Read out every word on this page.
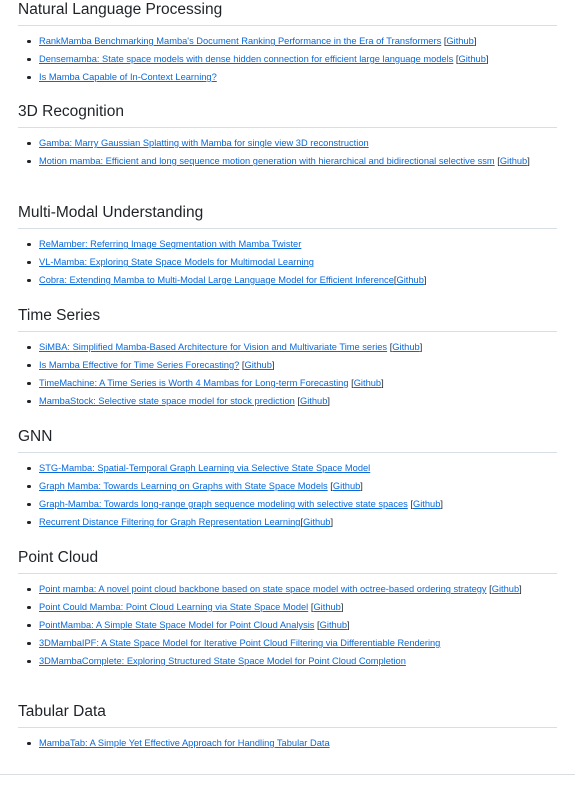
Natural Language Processing
RankMamba Benchmarking Mamba's Document Ranking Performance in the Era of Transformers [Github]
Densemamba: State space models with dense hidden connection for efficient large language models [Github]
Is Mamba Capable of In-Context Learning?
3D Recognition
Gamba: Marry Gaussian Splatting with Mamba for single view 3D reconstruction
Motion mamba: Efficient and long sequence motion generation with hierarchical and bidirectional selective ssm [Github]
Multi-Modal Understanding
ReMamber: Referring Image Segmentation with Mamba Twister
VL-Mamba: Exploring State Space Models for Multimodal Learning
Cobra: Extending Mamba to Multi-Modal Large Language Model for Efficient Inference[Github]
Time Series
SiMBA: Simplified Mamba-Based Architecture for Vision and Multivariate Time series [Github]
Is Mamba Effective for Time Series Forecasting? [Github]
TimeMachine: A Time Series is Worth 4 Mambas for Long-term Forecasting [Github]
MambaStock: Selective state space model for stock prediction [Github]
GNN
STG-Mamba: Spatial-Temporal Graph Learning via Selective State Space Model
Graph Mamba: Towards Learning on Graphs with State Space Models [Github]
Graph-Mamba: Towards long-range graph sequence modeling with selective state spaces [Github]
Recurrent Distance Filtering for Graph Representation Learning[Github]
Point Cloud
Point mamba: A novel point cloud backbone based on state space model with octree-based ordering strategy [Github]
Point Could Mamba: Point Cloud Learning via State Space Model [Github]
PointMamba: A Simple State Space Model for Point Cloud Analysis [Github]
3DMambaIPF: A State Space Model for Iterative Point Cloud Filtering via Differentiable Rendering
3DMambaComplete: Exploring Structured State Space Model for Point Cloud Completion
Tabular Data
MambaTab: A Simple Yet Effective Approach for Handling Tabular Data
